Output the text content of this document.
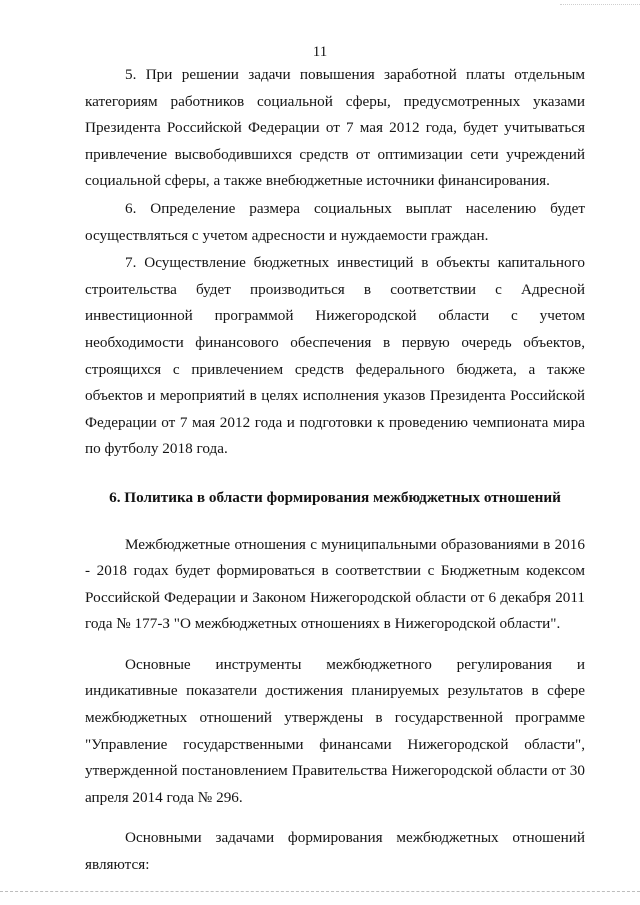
11

5. При решении задачи повышения заработной платы отдельным категориям работников социальной сферы, предусмотренных указами Президента Российской Федерации от 7 мая 2012 года, будет учитываться привлечение высвободившихся средств от оптимизации сети учреждений социальной сферы, а также внебюджетные источники финансирования.

6. Определение размера социальных выплат населению будет осуществляться с учетом адресности и нуждаемости граждан.

7. Осуществление бюджетных инвестиций в объекты капитального строительства будет производиться в соответствии с Адресной инвестиционной программой Нижегородской области с учетом необходимости финансового обеспечения в первую очередь объектов, строящихся с привлечением средств федерального бюджета, а также объектов и мероприятий в целях исполнения указов Президента Российской Федерации от 7 мая 2012 года и подготовки к проведению чемпионата мира по футболу 2018 года.

6. Политика в области формирования межбюджетных отношений

Межбюджетные отношения с муниципальными образованиями в 2016 - 2018 годах будет формироваться в соответствии с Бюджетным кодексом Российской Федерации и Законом Нижегородской области от 6 декабря 2011 года № 177-З "О межбюджетных отношениях в Нижегородской области".

Основные инструменты межбюджетного регулирования и индикативные показатели достижения планируемых результатов в сфере межбюджетных отношений утверждены в государственной программе "Управление государственными финансами Нижегородской области", утвержденной постановлением Правительства Нижегородской области от 30 апреля 2014 года № 296.

Основными задачами формирования межбюджетных отношений являются:
